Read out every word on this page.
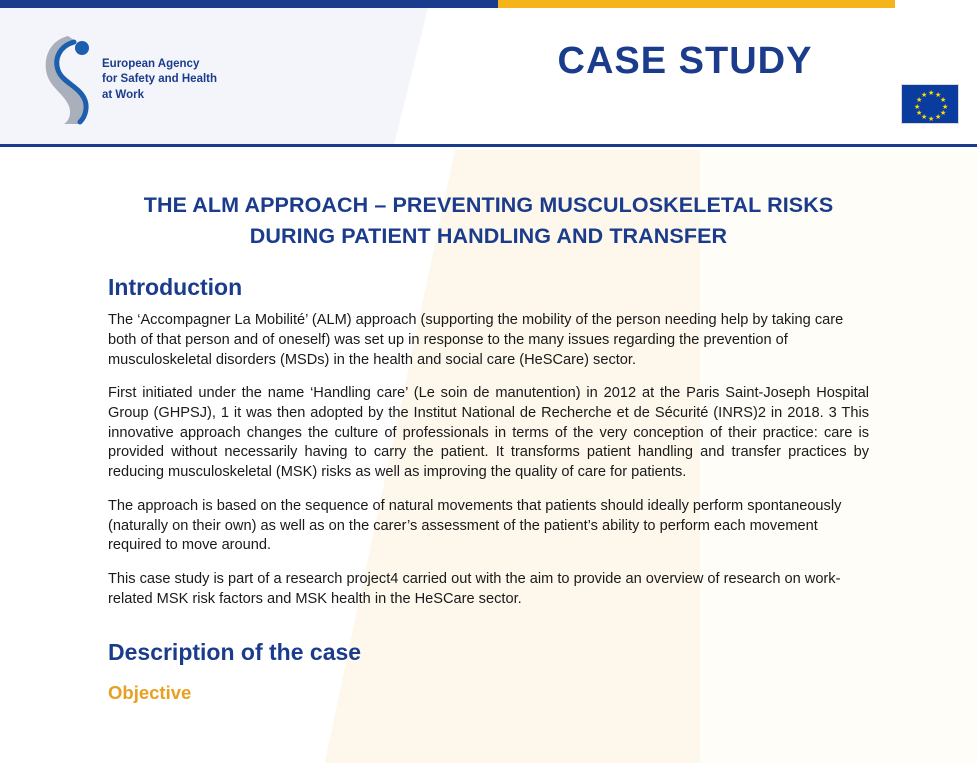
European Agency
for Safety and Health
at Work
CASE STUDY
★ ★
★
★
★
★
★
★
★
★
★
★
THE ALM APPROACH – PREVENTING MUSCULOSKELETAL RISKS DURING PATIENT HANDLING AND TRANSFER
Introduction

The ‘Accompagner La Mobilité’ (ALM) approach (supporting the mobility of the person needing help by taking care both of that person and of oneself) was set up in response to the many issues regarding the prevention of musculoskeletal disorders (MSDs) in the health and social care (HeSCare) sector.

First initiated under the name ‘Handling care’ (Le soin de manutention) in 2012 at the Paris Saint-Joseph Hospital Group (GHPSJ), 1 it was then adopted by the Institut National de Recherche et de Sécurité (INRS)2 in 2018. 3 This innovative approach changes the culture of professionals in terms of the very conception of their practice: care is provided without necessarily having to carry the patient. It transforms patient handling and transfer practices by reducing musculoskeletal (MSK) risks as well as improving the quality of care for patients.

The approach is based on the sequence of natural movements that patients should ideally perform spontaneously (naturally on their own) as well as on the carer’s assessment of the patient’s ability to perform each movement required to move around.

This case study is part of a research project4 carried out with the aim to provide an overview of research on work-related MSK risk factors and MSK health in the HeSCare sector.

Description of the case
Objective
